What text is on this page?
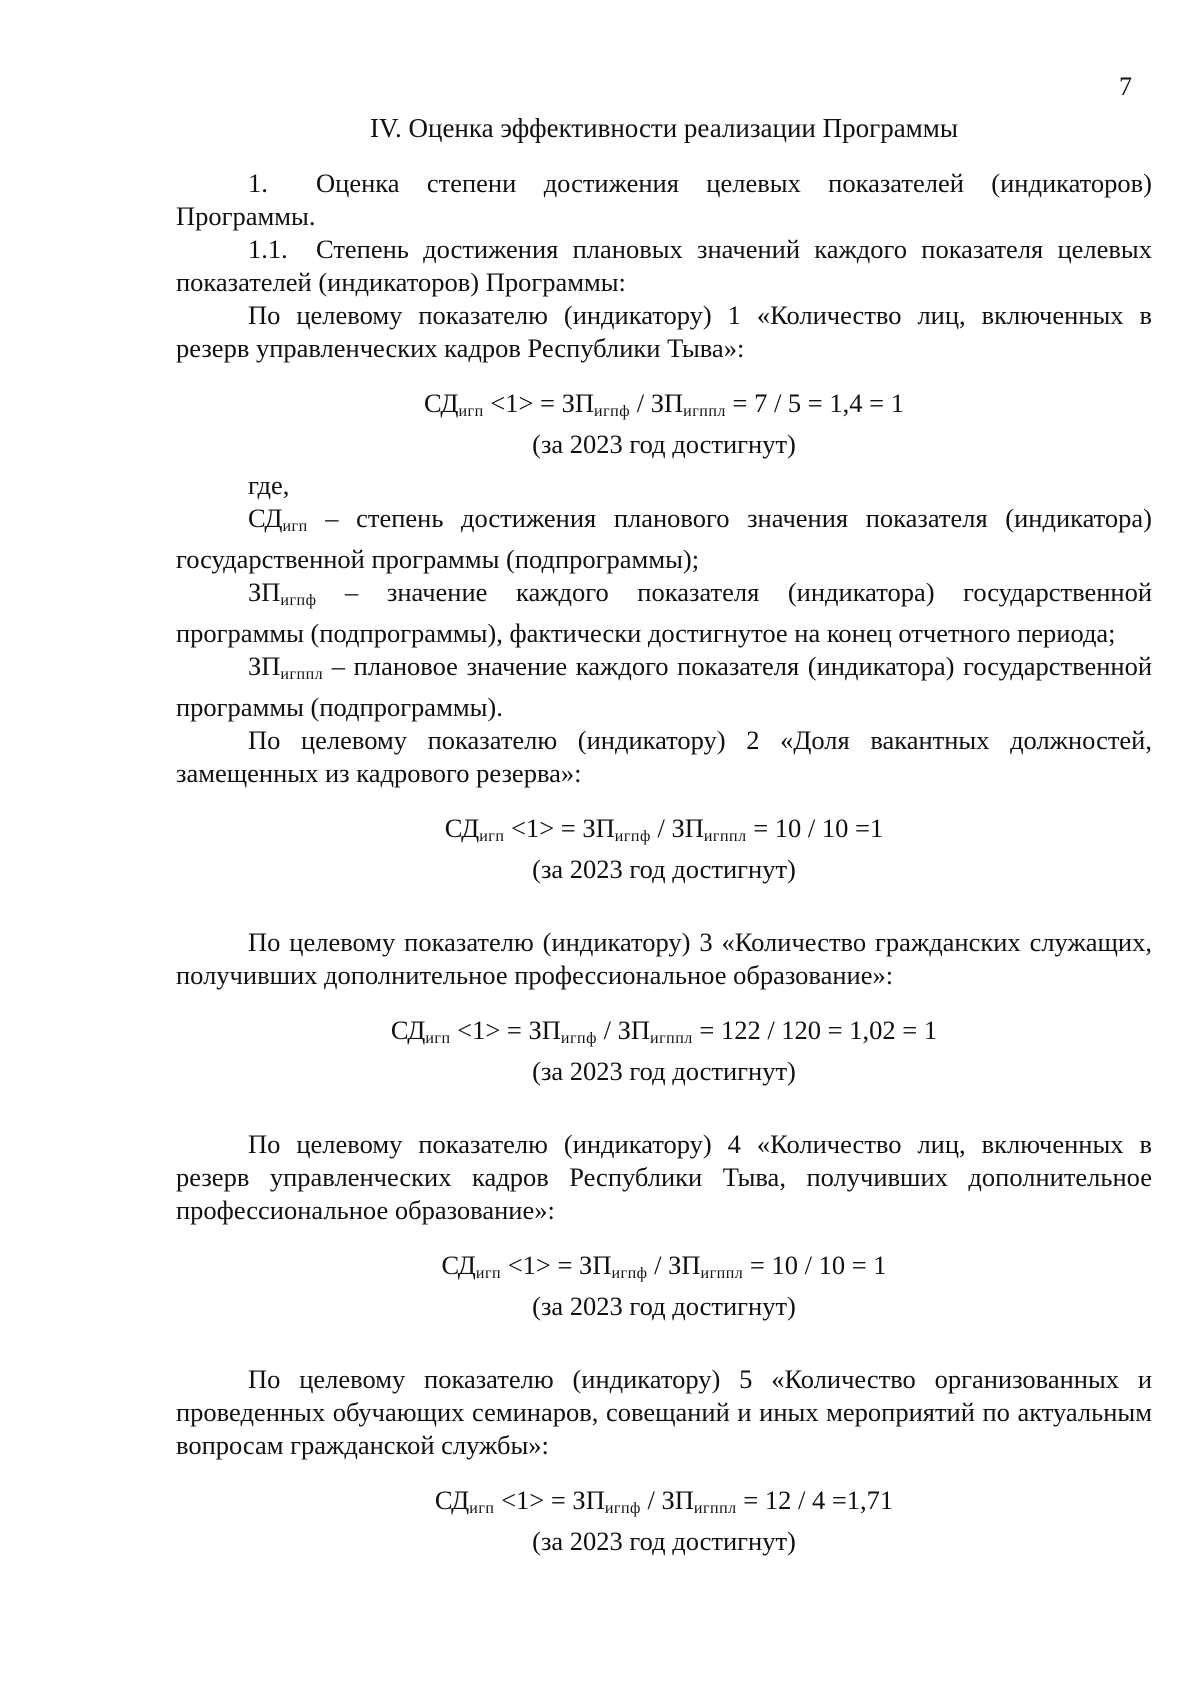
7
IV. Оценка эффективности реализации Программы

1. Оценка степени достижения целевых показателей (индикаторов) Программы.

1.1. Степень достижения плановых значений каждого показателя целевых показателей (индикаторов) Программы:

По целевому показателю (индикатору) 1 «Количество лиц, включенных в резерв управленческих кадров Республики Тыва»:

$СД_{игп} <1> = ЗП_{игпф} / ЗП_{игппл} = 7 / 5 = 1,4 = 1$

(за 2023 год достигнут)

где,

$СД_{игп}$ – степень достижения планового значения показателя (индикатора) государственной программы (подпрограммы);

$ЗП_{игпф}$ – значение каждого показателя (индикатора) государственной программы (подпрограммы), фактически достигнутое на конец отчетного периода;

$ЗП_{игппл}$ – плановое значение каждого показателя (индикатора) государственной программы (подпрограммы).

По целевому показателю (индикатору) 2 «Доля вакантных должностей, замещенных из кадрового резерва»:

$СД_{игп} <1> = ЗП_{игпф} / ЗП_{игппл} = 10 / 10 =1$

(за 2023 год достигнут)

По целевому показателю (индикатору) 3 «Количество гражданских служащих, получивших дополнительное профессиональное образование»:

$СД_{игп} <1> = ЗП_{игпф} / ЗП_{игппл} = 122 / 120 = 1,02 = 1$

(за 2023 год достигнут)

По целевому показателю (индикатору) 4 «Количество лиц, включенных в резерв управленческих кадров Республики Тыва, получивших дополнительное профессиональное образование»:

$СД_{игп} <1> = ЗП_{игпф} / ЗП_{игппл} = 10 / 10 = 1$

(за 2023 год достигнут)

По целевому показателю (индикатору) 5 «Количество организованных и проведенных обучающих семинаров, совещаний и иных мероприятий по актуальным вопросам гражданской службы»:

$СД_{игп} <1> = ЗП_{игпф} / ЗП_{игппл} = 12 / 4 =1,71$

(за 2023 год достигнут)
